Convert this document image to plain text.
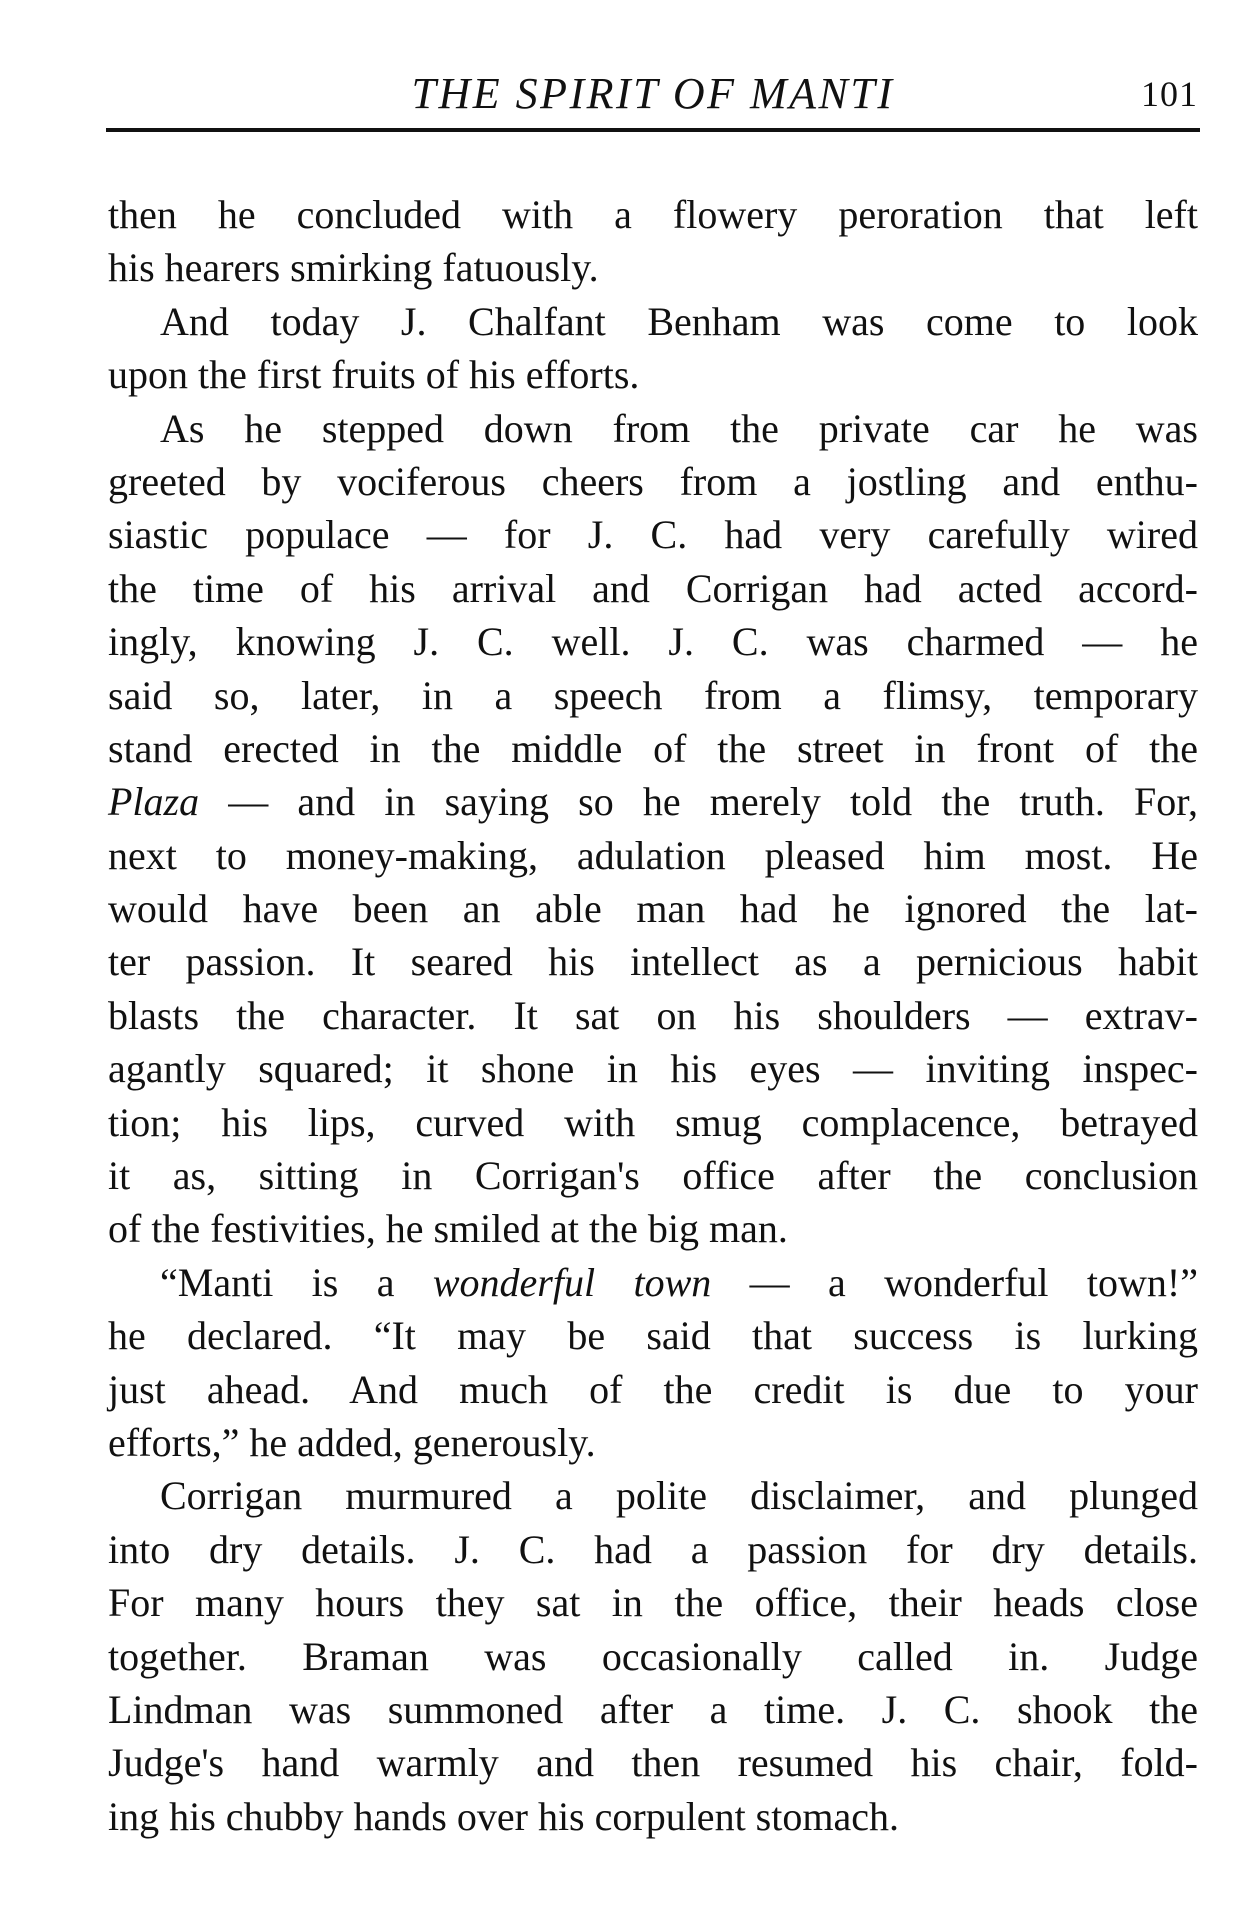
THE SPIRIT OF MANTI	101
then he concluded with a flowery peroration that left
his hearers smirking fatuously.
And today J. Chalfant Benham was come to look
upon the first fruits of his efforts.
As he stepped down from the private car he was
greeted by vociferous cheers from a jostling and enthu-
siastic populace — for J. C. had very carefully wired
the time of his arrival and Corrigan had acted accord-
ingly, knowing J. C. well. J. C. was charmed — he
said so, later, in a speech from a flimsy, temporary
stand erected in the middle of the street in front of the
Plaza — and in saying so he merely told the truth. For,
next to money-making, adulation pleased him most. He
would have been an able man had he ignored the lat-
ter passion. It seared his intellect as a pernicious habit
blasts the character. It sat on his shoulders — extrav-
agantly squared; it shone in his eyes — inviting inspec-
tion; his lips, curved with smug complacence, betrayed
it as, sitting in Corrigan's office after the conclusion
of the festivities, he smiled at the big man.
“Manti is a wonderful town — a wonderful town!”
he declared. “It may be said that success is lurking
just ahead. And much of the credit is due to your
efforts,” he added, generously.
Corrigan murmured a polite disclaimer, and plunged
into dry details. J. C. had a passion for dry details.
For many hours they sat in the office, their heads close
together. Braman was occasionally called in. Judge
Lindman was summoned after a time. J. C. shook the
Judge's hand warmly and then resumed his chair, fold-
ing his chubby hands over his corpulent stomach.
